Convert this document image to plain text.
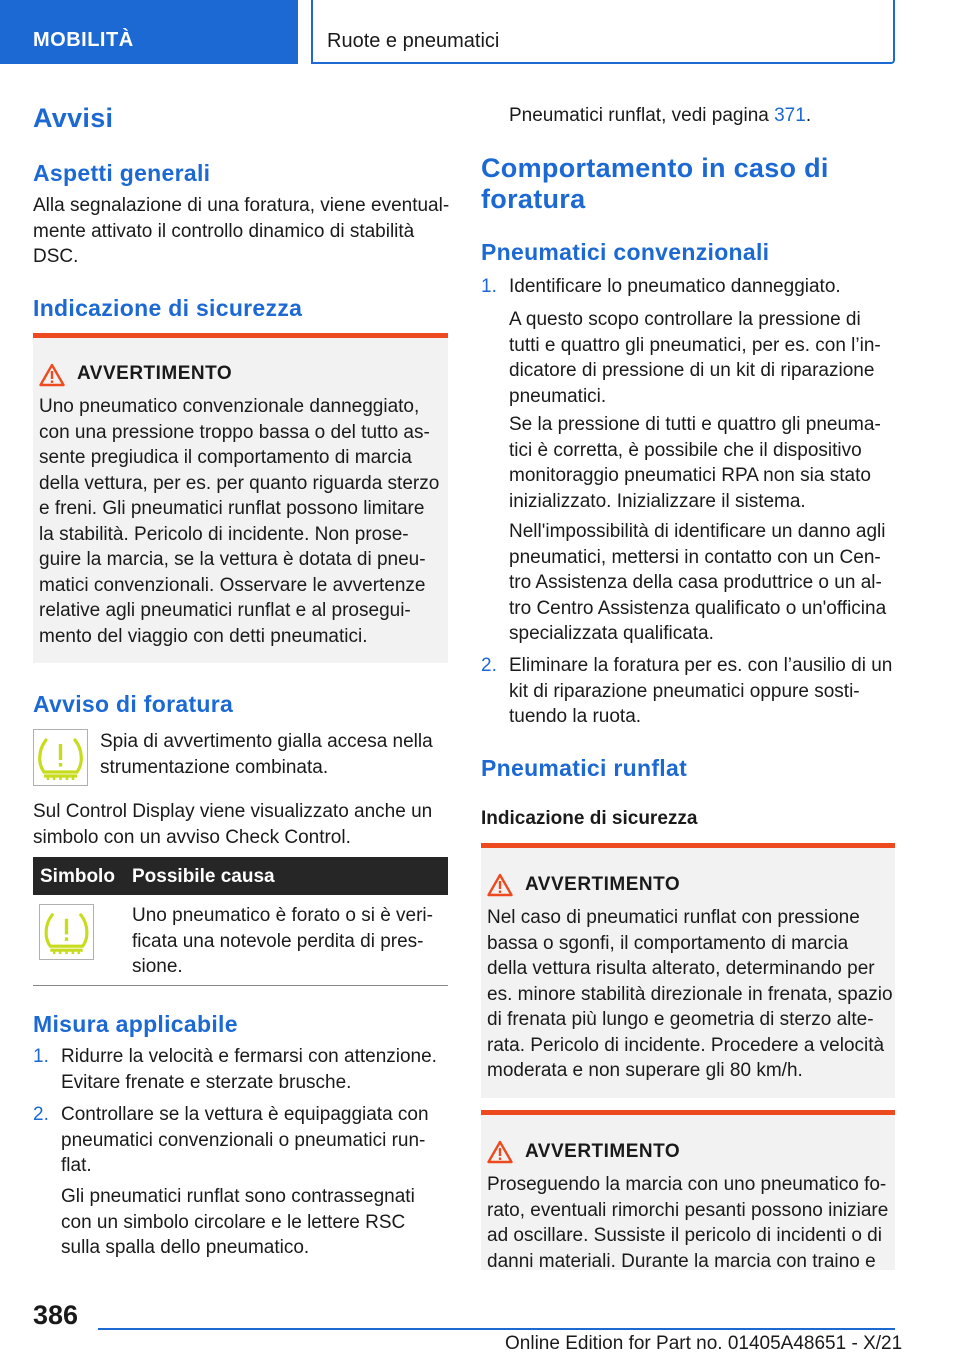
MOBILITÀ	Ruote e pneumatici
Avvisi
Aspetti generali
Alla segnalazione di una foratura, viene eventual-
mente attivato il controllo dinamico di stabilità
DSC.
Indicazione di sicurezza
AVVERTIMENTO
Uno pneumatico convenzionale danneggiato,
con una pressione troppo bassa o del tutto as-
sente pregiudica il comportamento di marcia
della vettura, per es. per quanto riguarda sterzo
e freni. Gli pneumatici runflat possono limitare
la stabilità. Pericolo di incidente. Non prose-
guire la marcia, se la vettura è dotata di pneu-
matici convenzionali. Osservare le avvertenze
relative agli pneumatici runflat e al prosegui-
mento del viaggio con detti pneumatici.
Avviso di foratura
Spia di avvertimento gialla accesa nella
strumentazione combinata.
Sul Control Display viene visualizzato anche un
simbolo con un avviso Check Control.
Simbolo Possibile causa
Uno pneumatico è forato o si è veri-
ficata una notevole perdita di pres-
sione.
Misura applicabile
1. Ridurre la velocità e fermarsi con attenzione.
Evitare frenate e sterzate brusche.
2. Controllare se la vettura è equipaggiata con
pneumatici convenzionali o pneumatici run-
flat.
Gli pneumatici runflat sono contrassegnati
con un simbolo circolare e le lettere RSC
sulla spalla dello pneumatico.
Pneumatici runflat, vedi pagina 371.
Comportamento in caso di
foratura
Pneumatici convenzionali
1. Identificare lo pneumatico danneggiato.
A questo scopo controllare la pressione di
tutti e quattro gli pneumatici, per es. con l’in-
dicatore di pressione di un kit di riparazione
pneumatici.
Se la pressione di tutti e quattro gli pneuma-
tici è corretta, è possibile che il dispositivo
monitoraggio pneumatici RPA non sia stato
inizializzato. Inizializzare il sistema.
Nell'impossibilità di identificare un danno agli
pneumatici, mettersi in contatto con un Cen-
tro Assistenza della casa produttrice o un al-
tro Centro Assistenza qualificato o un'officina
specializzata qualificata.
2. Eliminare la foratura per es. con l’ausilio di un
kit di riparazione pneumatici oppure sosti-
tuendo la ruota.
Pneumatici runflat
Indicazione di sicurezza
AVVERTIMENTO
Nel caso di pneumatici runflat con pressione
bassa o sgonfi, il comportamento di marcia
della vettura risulta alterato, determinando per
es. minore stabilità direzionale in frenata, spazio
di frenata più lungo e geometria di sterzo alte-
rata. Pericolo di incidente. Procedere a velocità
moderata e non superare gli 80 km/h.
AVVERTIMENTO
Proseguendo la marcia con uno pneumatico fo-
rato, eventuali rimorchi pesanti possono iniziare
ad oscillare. Sussiste il pericolo di incidenti o di
danni materiali. Durante la marcia con traino e
386
Online Edition for Part no. 01405A48651 - X/21
